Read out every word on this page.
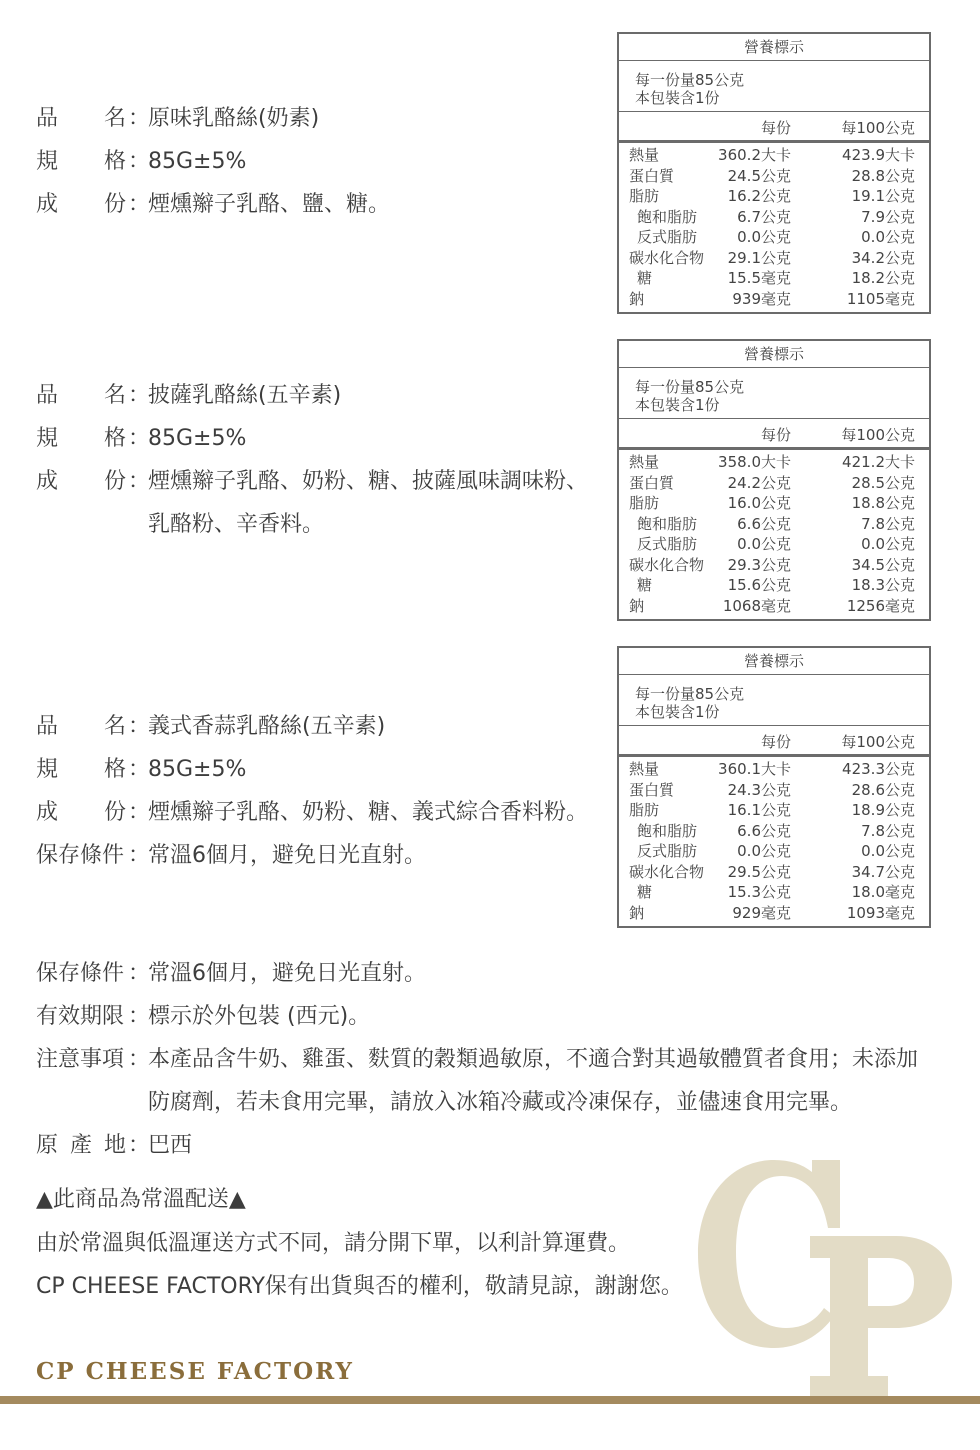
品 名 ：
原味乳酪絲(奶素)
規 格 ：
85G±5%
成 份 ：
煙燻辮子乳酪、鹽、糖。
品 名 ：
披薩乳酪絲(五辛素)
規 格 ：
85G±5%
成 份 ：
煙燻辮子乳酪、奶粉、糖、披薩風味調味粉、
乳酪粉、辛香料。
品 名 ：
義式香蒜乳酪絲(五辛素)
規 格 ：
85G±5%
成 份 ：
煙燻辮子乳酪、奶粉、糖、義式綜合香料粉。
保存條件 ：
常溫6個月，避免日光直射。
營養標示
每一份量85公克
本包裝含1份
每份	每100公克
熱量	360.2大卡	423.9大卡
蛋白質	24.5公克	28.8公克
脂肪	16.2公克	19.1公克
飽和脂肪	6.7公克	7.9公克
反式脂肪	0.0公克	0.0公克
碳水化合物 29.1公克	34.2公克
糖	15.5毫克	18.2公克
鈉	939毫克	1105毫克
營養標示
每一份量85公克
本包裝含1份
每份	每100公克
熱量	358.0大卡	421.2大卡
蛋白質	24.2公克	28.5公克
脂肪	16.0公克	18.8公克
飽和脂肪	6.6公克	7.8公克
反式脂肪	0.0公克	0.0公克
碳水化合物 29.3公克	34.5公克
糖	15.6公克	18.3公克
鈉	1068毫克	1256毫克
營養標示
每一份量85公克
本包裝含1份
每份	每100公克
熱量	360.1大卡	423.3公克
蛋白質	24.3公克	28.6公克
脂肪	16.1公克	18.9公克
飽和脂肪	6.6公克	7.8公克
反式脂肪	0.0公克	0.0公克
碳水化合物 29.5公克	34.7公克
糖	15.3公克	18.0毫克
鈉	929毫克	1093毫克
保存條件 ：
常溫6個月，避免日光直射。
有效期限 ：
標示於外包裝 (西元)。
注意事項 ：
本產品含牛奶、雞蛋、麩質的穀類過敏原，不適合對其過敏體質者食用；未添加
防腐劑，若未食用完畢，請放入冰箱冷藏或冷凍保存，並儘速食用完畢。
原 產 地 ：
巴西
▲此商品為常溫配送▲
由於常溫與低溫運送方式不同，請分開下單，以利計算運費。
CP CHEESE FACTORY保有出貨與否的權利，敬請見諒，謝謝您。
CP CHEESE FACTORY
